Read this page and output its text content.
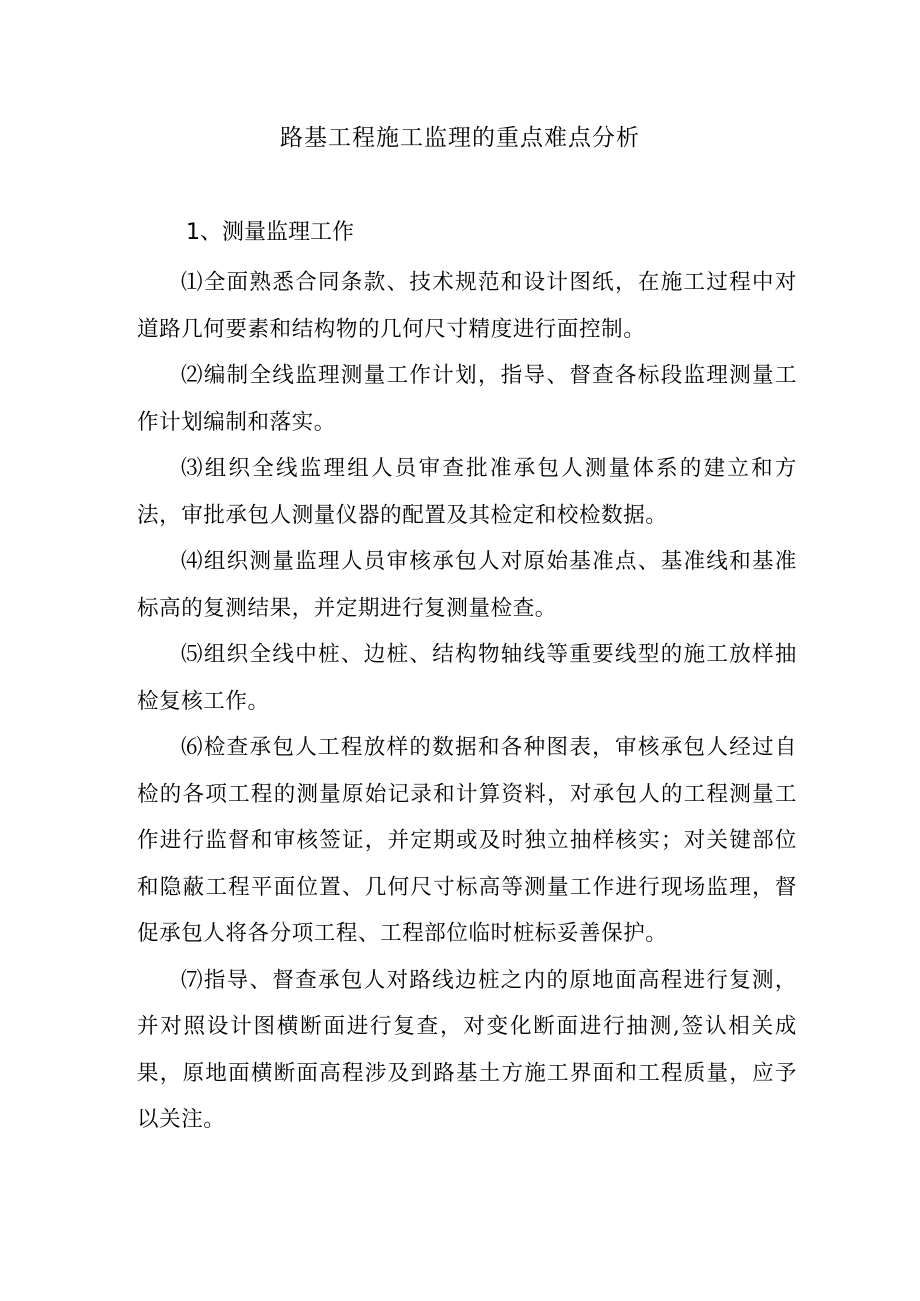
路基工程施工监理的重点难点分析
1、测量监理工作

⑴全面熟悉合同条款、技术规范和设计图纸，在施工过程中对道路几何要素和结构物的几何尺寸精度进行面控制。

⑵编制全线监理测量工作计划，指导、督查各标段监理测量工作计划编制和落实。

⑶组织全线监理组人员审查批准承包人测量体系的建立和方法，审批承包人测量仪器的配置及其检定和校检数据。

⑷组织测量监理人员审核承包人对原始基准点、基准线和基准标高的复测结果，并定期进行复测量检查。

⑸组织全线中桩、边桩、结构物轴线等重要线型的施工放样抽检复核工作。

⑹检查承包人工程放样的数据和各种图表，审核承包人经过自检的各项工程的测量原始记录和计算资料，对承包人的工程测量工作进行监督和审核签证，并定期或及时独立抽样核实；对关键部位和隐蔽工程平面位置、几何尺寸标高等测量工作进行现场监理，督促承包人将各分项工程、工程部位临时桩标妥善保护。

⑺指导、督查承包人对路线边桩之内的原地面高程进行复测，并对照设计图横断面进行复查，对变化断面进行抽测,签认相关成果，原地面横断面高程涉及到路基土方施工界面和工程质量，应予以关注。
